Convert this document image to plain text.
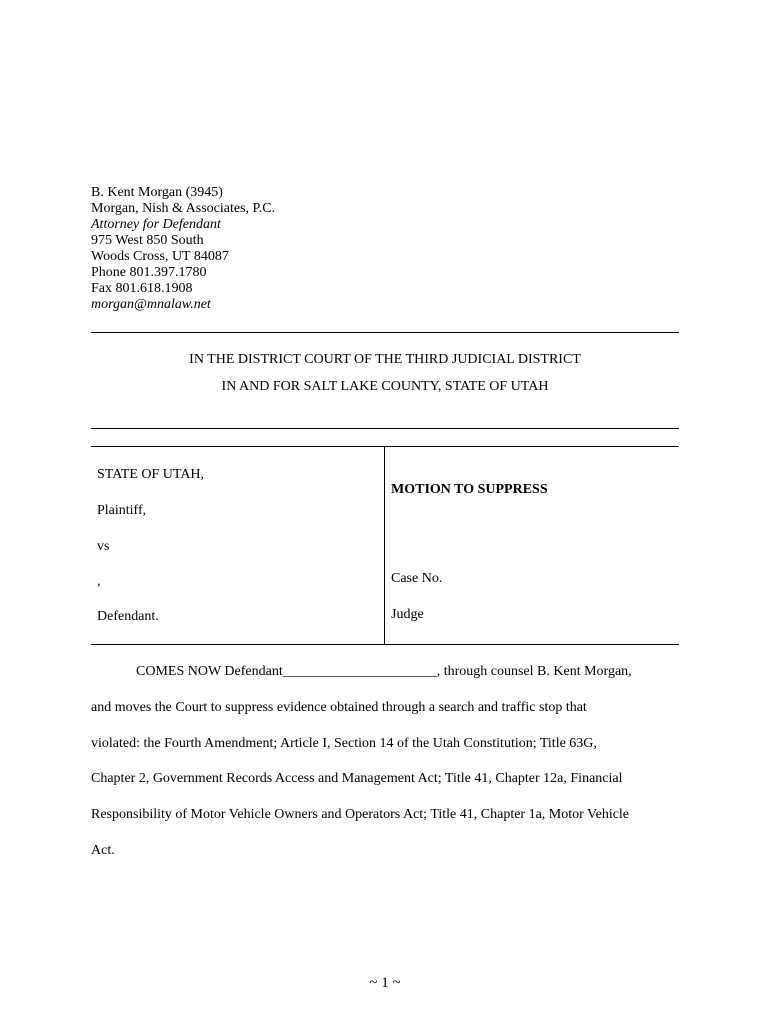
B. Kent Morgan (3945)
Morgan, Nish & Associates, P.C.
Attorney for Defendant
975 West 850 South
Woods Cross, UT 84087
Phone 801.397.1780
Fax 801.618.1908
morgan@mnalaw.net
IN THE DISTRICT COURT OF THE THIRD JUDICIAL DISTRICT
IN AND FOR SALT LAKE COUNTY, STATE OF UTAH
STATE OF UTAH,
Plaintiff,
vs
,
Defendant.
MOTION TO SUPPRESS
Case No.
Judge
COMES NOW Defendant______________________, through counsel B. Kent Morgan,
and moves the Court to suppress evidence obtained through a search and traffic stop that
violated: the Fourth Amendment; Article I, Section 14 of the Utah Constitution; Title 63G,
Chapter 2, Government Records Access and Management Act; Title 41, Chapter 12a, Financial
Responsibility of Motor Vehicle Owners and Operators Act; Title 41, Chapter 1a, Motor Vehicle
Act.
~ 1 ~
